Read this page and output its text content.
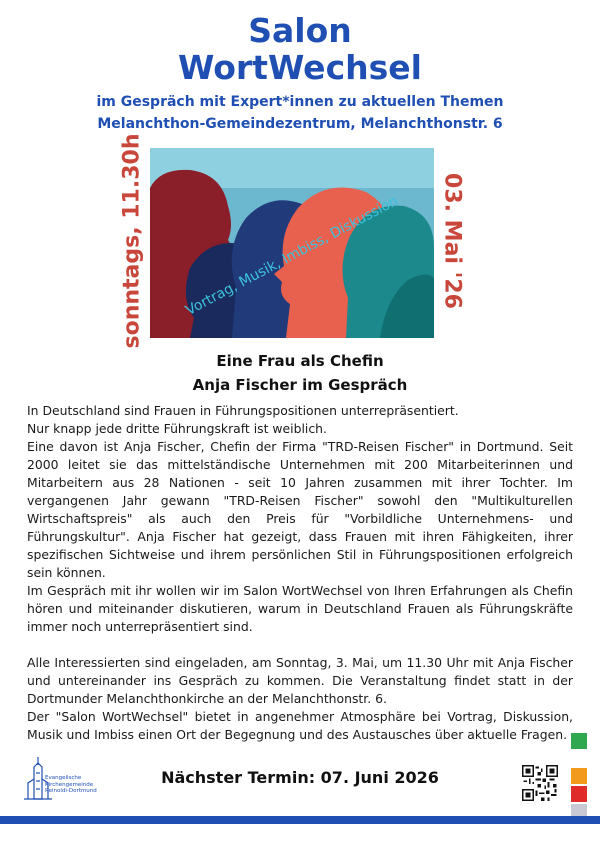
Salon
WortWechsel
im Gespräch mit Expert*innen zu aktuellen Themen
Melanchthon-Gemeindezentrum, Melanchthonstr. 6
sonntags, 11.30h	Vortrag, Musik, Imbiss, Diskussion 03. Mai '26
Eine Frau als Chefin
Anja Fischer im Gespräch

In Deutschland sind Frauen in Führungspositionen unterrepräsentiert.

Nur knapp jede dritte Führungskraft ist weiblich.

Eine davon ist Anja Fischer, Chefin der Firma "TRD-Reisen Fischer" in Dortmund. Seit 2000 leitet sie das mittelständische Unternehmen mit 200 Mitarbeiterinnen und Mitarbeitern aus 28 Nationen - seit 10 Jahren zusammen mit ihrer Tochter. Im vergangenen Jahr gewann "TRD-Reisen Fischer" sowohl den "Multikulturellen Wirtschaftspreis" als auch den Preis für "Vorbildliche Unternehmens- und Führungskultur". Anja Fischer hat gezeigt, dass Frauen mit ihren Fähigkeiten, ihrer spezifischen Sichtweise und ihrem persönlichen Stil in Führungspositionen erfolgreich sein können.

Im Gespräch mit ihr wollen wir im Salon WortWechsel von Ihren Erfahrungen als Chefin hören und miteinander diskutieren, warum in Deutschland Frauen als Führungskräfte immer noch unterrepräsentiert sind.

Alle Interessierten sind eingeladen, am Sonntag, 3. Mai, um 11.30 Uhr mit Anja Fischer und untereinander ins Gespräch zu kommen. Die Veranstaltung findet statt in der Dortmunder Melanchthonkirche an der Melanchthonstr. 6.

Der "Salon WortWechsel" bietet in angenehmer Atmosphäre bei Vortrag, Diskussion, Musik und Imbiss einen Ort der Begegnung und des Austausches über aktuelle Fragen.

Evangelische
Kirchengemeinde
Reinoldi-Dortmund
Nächster Termin: 07. Juni 2026
